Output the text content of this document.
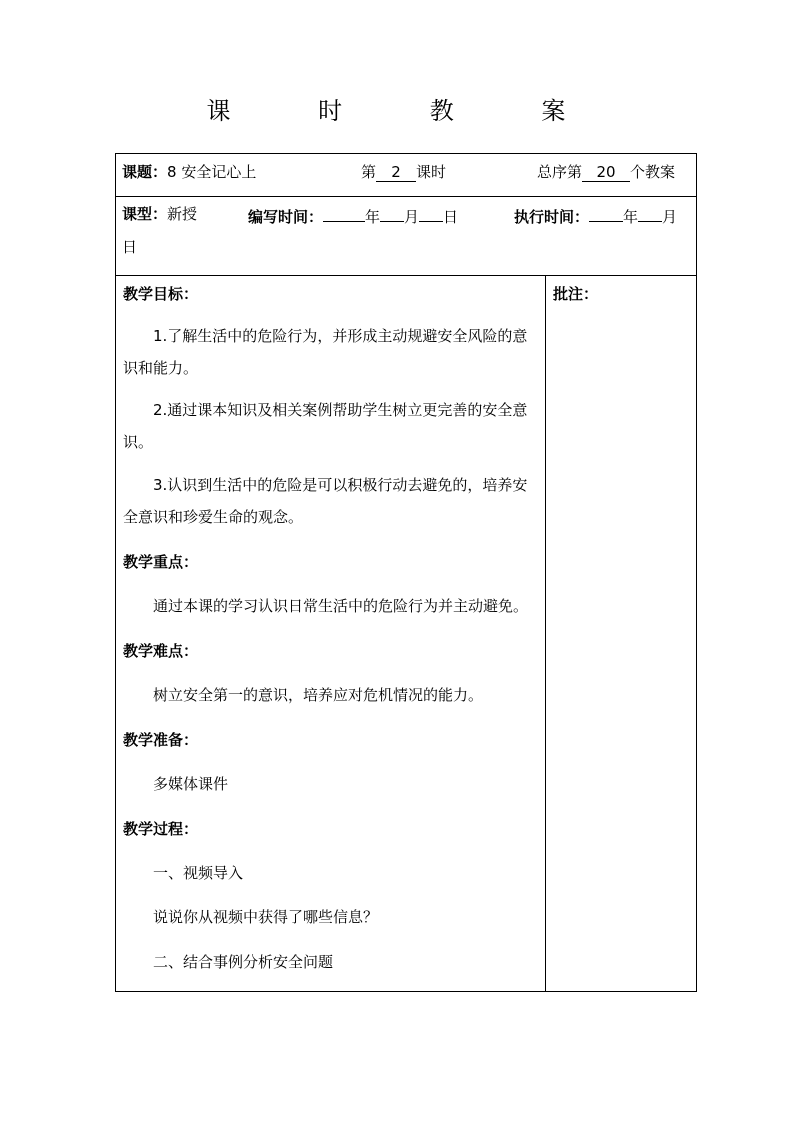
课 时 教 案
课题：8 安全记心上	第 2 课时	总序第 20 个教案
课型：新授	编写时间：	年 月 日	执行时间： 年 月
日
教学目标：
1.了解生活中的危险行为，并形成主动规避安全风险的意识和能力。
2.通过课本知识及相关案例帮助学生树立更完善的安全意识。
3.认识到生活中的危险是可以积极行动去避免的，培养安全意识和珍爱生命的观念。
教学重点：
通过本课的学习认识日常生活中的危险行为并主动避免。
教学难点：
树立安全第一的意识，培养应对危机情况的能力。
教学准备：
多媒体课件
教学过程：
一、视频导入
说说你从视频中获得了哪些信息？
二、结合事例分析安全问题
批注：
